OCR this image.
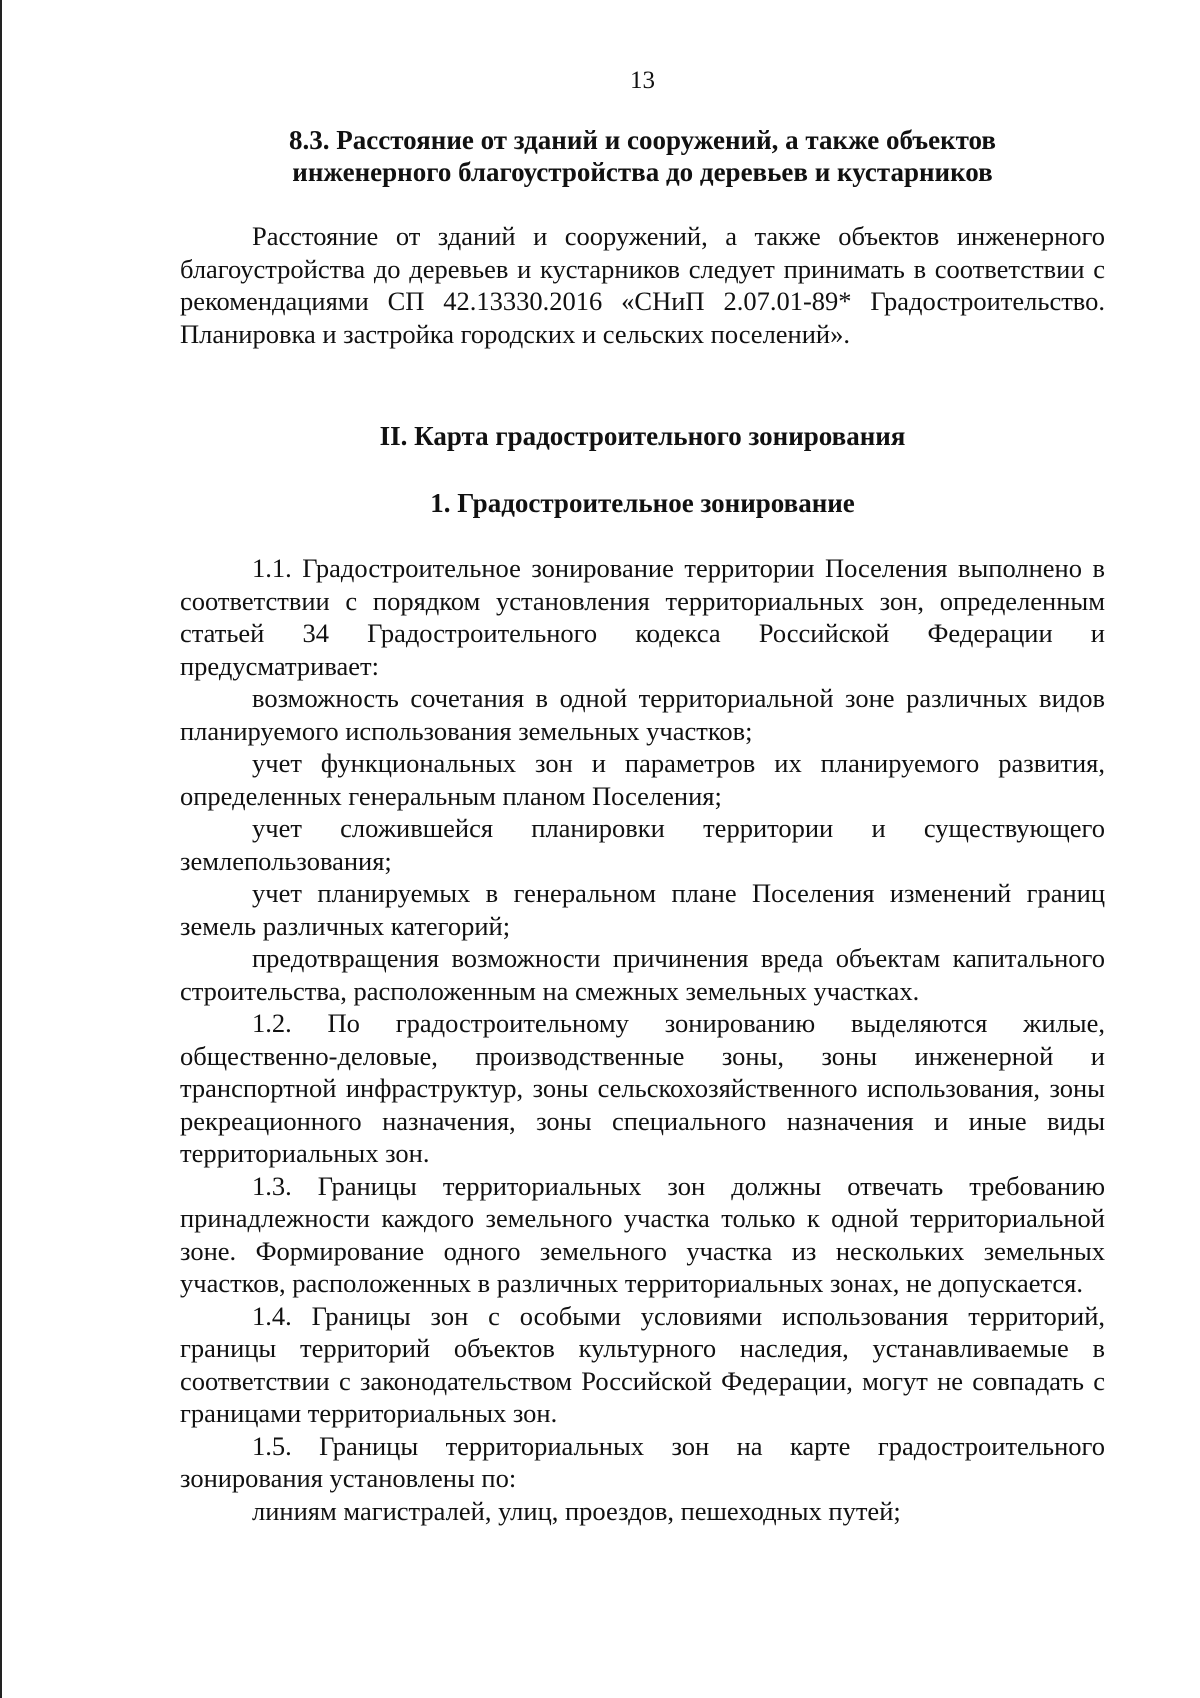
13
8.3. Расстояние от зданий и сооружений, а также объектов
инженерного благоустройства до деревьев и кустарников

Расстояние от зданий и сооружений, а также объектов инженерного благоустройства до деревьев и кустарников следует принимать в соответствии с рекомендациями СП 42.13330.2016 «СНиП 2.07.01-89* Градостроительство. Планировка и застройка городских и сельских поселений».

II. Карта градостроительного зонирования
1. Градостроительное зонирование

1.1. Градостроительное зонирование территории Поселения выполнено в соответствии с порядком установления территориальных зон, определенным статьей 34 Градостроительного кодекса Российской Федерации и предусматривает:

возможность сочетания в одной территориальной зоне различных видов планируемого использования земельных участков;

учет функциональных зон и параметров их планируемого развития, определенных генеральным планом Поселения;

учет сложившейся планировки территории и существующего землепользования;

учет планируемых в генеральном плане Поселения изменений границ земель различных категорий;

предотвращения возможности причинения вреда объектам капитального строительства, расположенным на смежных земельных участках.

1.2. По градостроительному зонированию выделяются жилые, общественно-деловые, производственные зоны, зоны инженерной и транспортной инфраструктур, зоны сельскохозяйственного использования, зоны рекреационного назначения, зоны специального назначения и иные виды территориальных зон.

1.3. Границы территориальных зон должны отвечать требованию принадлежности каждого земельного участка только к одной территориальной зоне. Формирование одного земельного участка из нескольких земельных участков, расположенных в различных территориальных зонах, не допускается.

1.4. Границы зон с особыми условиями использования территорий, границы территорий объектов культурного наследия, устанавливаемые в соответствии с законодательством Российской Федерации, могут не совпадать с границами территориальных зон.

1.5. Границы территориальных зон на карте градостроительного зонирования установлены по:

линиям магистралей, улиц, проездов, пешеходных путей;
